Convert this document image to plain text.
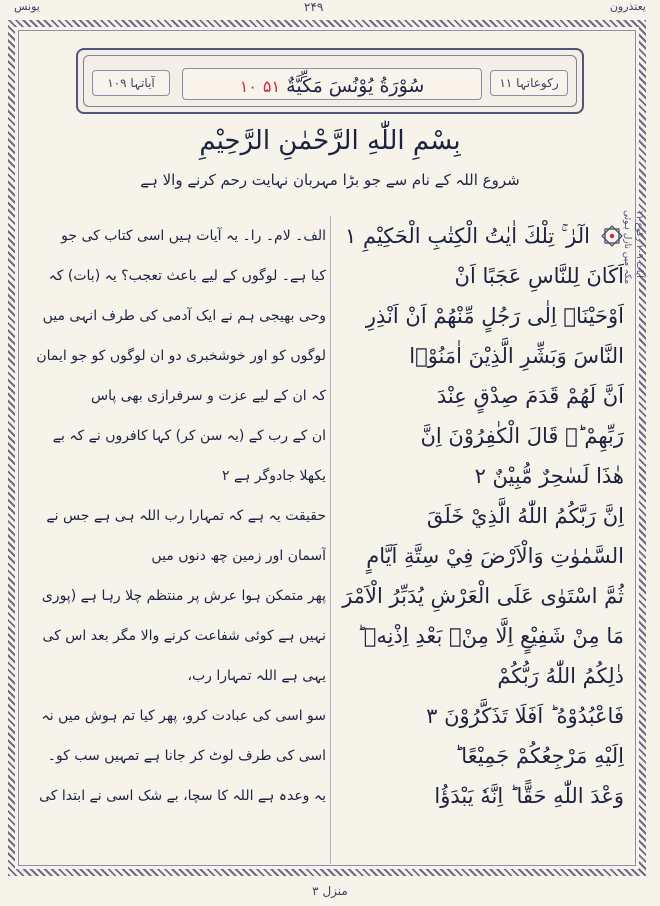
یونس	۲۴۹	یعتذرون
مکہ میں نازل ہوئی آیات ۱۰۹ رکوع ۱۱
آیاتہا ۱۰۹	۱۰ سُوْرَةُ يُوْنُسَ مَكِّيَّةٌ ۵۱	رکوعاتہا ۱۱
بِسْمِ اللّٰهِ الرَّحْمٰنِ الرَّحِيْمِ
شروع اللہ کے نام سے جو بڑا مہربان نہایت رحم کرنے والا ہے
الٓرٰ ۚ تِلْكَ اٰيٰتُ الْكِتٰبِ الْحَكِيْمِ ۱
الف۔ لام۔ را۔ یہ آیات ہیں اسی کتاب کی جو
اَكَانَ لِلنَّاسِ عَجَبًا اَنْ
کیا ہے۔ لوگوں کے لیے باعث تعجب؟ یہ (بات) کہ
اَوْحَيْنَاۤ اِلٰى رَجُلٍ مِّنْهُمْ اَنْ اَنْذِرِ
وحی بھیجی ہم نے ایک آدمی کی طرف انہی میں
النَّاسَ وَبَشِّرِ الَّذِيْنَ اٰمَنُوْۤا
لوگوں کو اور خوشخبری دو ان لوگوں کو جو ایمان
اَنَّ لَهُمْ قَدَمَ صِدْقٍ عِنْدَ
کہ ان کے لیے عزت و سرفرازی بھی پاس
رَبِّهِمْ ؕؔ قَالَ الْكٰفِرُوْنَ اِنَّ
ان کے رب کے (یہ سن کر) کہا کافروں نے کہ بے
هٰذَا لَسٰحِرٌ مُّبِيْنٌ ۲
یکھلا جادوگر ہے ۲
اِنَّ رَبَّكُمُ اللّٰهُ الَّذِيْ خَلَقَ
حقیقت یہ ہے کہ تمہارا رب اللہ ہی ہے جس نے
السَّمٰوٰتِ وَالْاَرْضَ فِيْ سِتَّةِ اَيَّامٍ
آسمان اور زمین چھ دنوں میں
ثُمَّ اسْتَوٰى عَلَى الْعَرْشِ يُدَبِّرُ الْاَمْرَ
پھر متمکن ہوا عرش پر منتظم چلا رہا ہے (پوری
مَا مِنْ شَفِيْعٍ اِلَّا مِنْۢ بَعْدِ اِذْنِهٖ ؕ
نہیں ہے کوئی شفاعت کرنے والا مگر بعد اس کی
ذٰلِكُمُ اللّٰهُ رَبُّكُمْ
یہی ہے اللہ تمہارا رب،
فَاعْبُدُوْهُ ؕ اَفَلَا تَذَكَّرُوْنَ ۳
سو اسی کی عبادت کرو، پھر کیا تم ہوش میں نہ
اِلَيْهِ مَرْجِعُكُمْ جَمِيْعًا ؕ
اسی کی طرف لوٹ کر جانا ہے تمہیں سب کو۔
وَعْدَ اللّٰهِ حَقًّا ؕ اِنَّهٗ يَبْدَؤُا
یہ وعدہ ہے اللہ کا سچا، بے شک اسی نے ابتدا کی
منزل ۳
